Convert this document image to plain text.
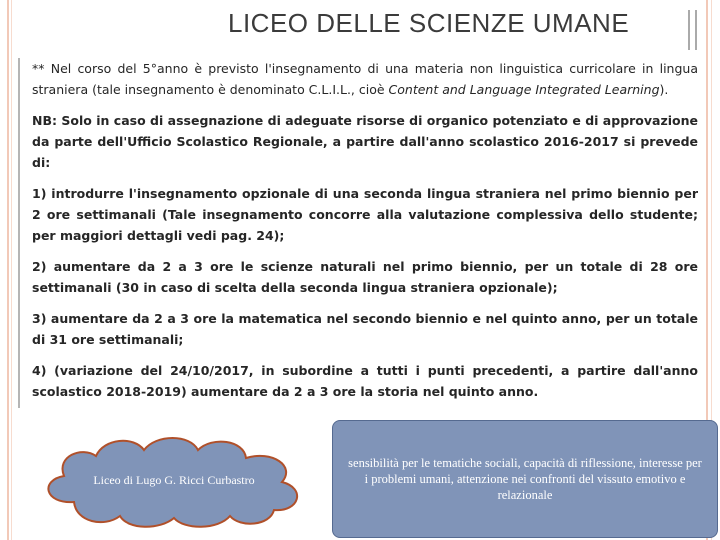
LICEO DELLE SCIENZE UMANE

** Nel corso del 5°anno è previsto l'insegnamento di una materia non linguistica curricolare in lingua straniera (tale insegnamento è denominato C.L.I.L., cioè Content and Language Integrated Learning).

NB: Solo in caso di assegnazione di adeguate risorse di organico potenziato e di approvazione da parte dell'Ufficio Scolastico Regionale, a partire dall'anno scolastico 2016-2017 si prevede di:

1) introdurre l'insegnamento opzionale di una seconda lingua straniera nel primo biennio per 2 ore settimanali (Tale insegnamento concorre alla valutazione complessiva dello studente; per maggiori dettagli vedi pag. 24);

2) aumentare da 2 a 3 ore le scienze naturali nel primo biennio, per un totale di 28 ore settimanali (30 in caso di scelta della seconda lingua straniera opzionale);

3) aumentare da 2 a 3 ore la matematica nel secondo biennio e nel quinto anno, per un totale di 31 ore settimanali;

4) (variazione del 24/10/2017, in subordine a tutti i punti precedenti, a partire dall'anno scolastico 2018-2019) aumentare da 2 a 3 ore la storia nel quinto anno.

Liceo di Lugo G. Ricci Curbastro
sensibilità per le tematiche sociali, capacità di riflessione, interesse per i problemi umani, attenzione nei confronti del vissuto emotivo e relazionale
